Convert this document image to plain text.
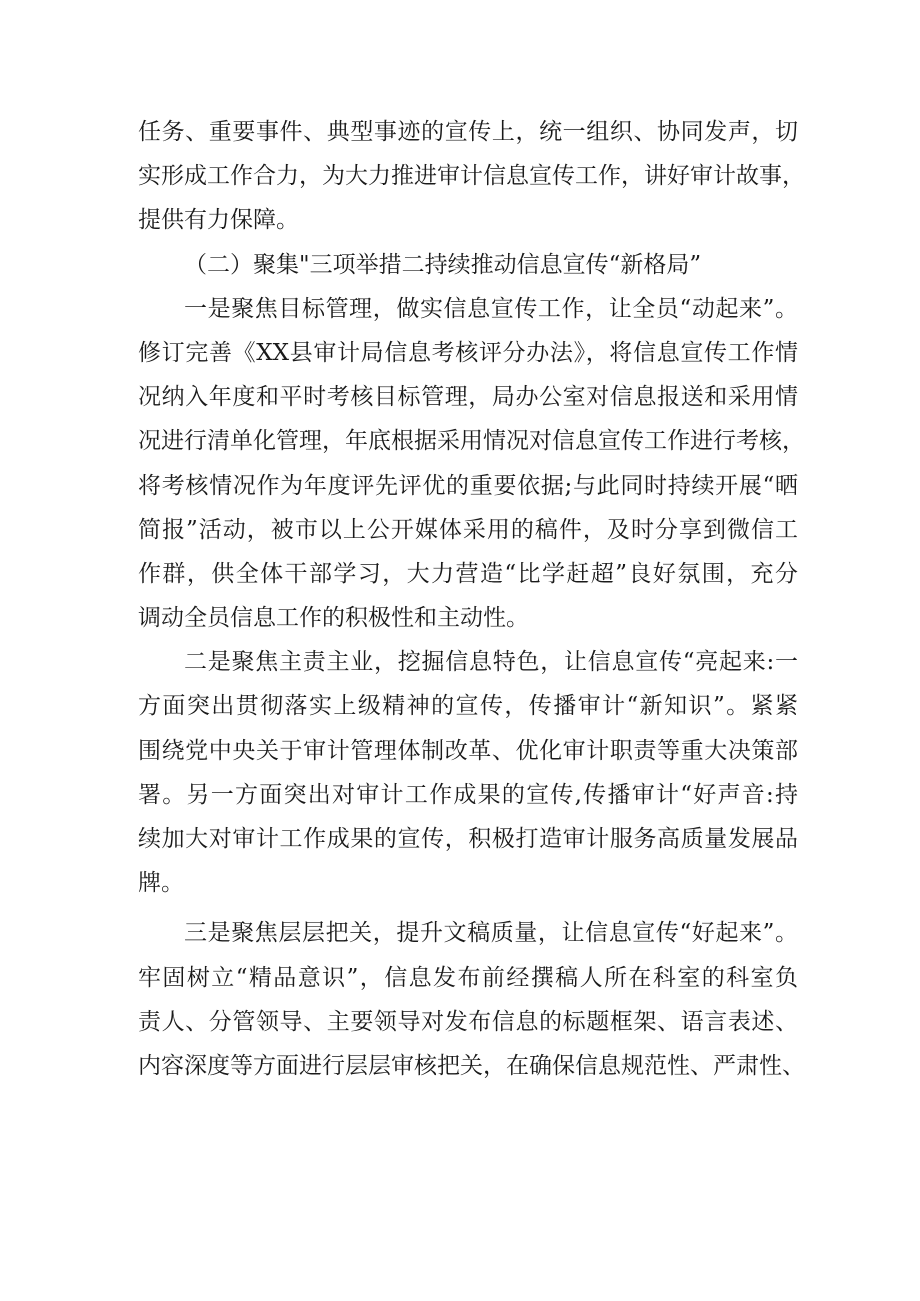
任务、重要事件、典型事迹的宣传上，统一组织、协同发声，切
实形成工作合力，为大力推进审计信息宣传工作，讲好审计故事，
提供有力保障。
（二）聚集"三项举措二持续推动信息宣传“新格局”
一是聚焦目标管理，做实信息宣传工作，让全员“动起来”。
修订完善《XX县审计局信息考核评分办法》，将信息宣传工作情
况纳入年度和平时考核目标管理，局办公室对信息报送和采用情
况进行清单化管理，年底根据采用情况对信息宣传工作进行考核，
将考核情况作为年度评先评优的重要依据;与此同时持续开展“晒
简报”活动，被市以上公开媒体采用的稿件，及时分享到微信工
作群，供全体干部学习，大力营造“比学赶超”良好氛围，充分
调动全员信息工作的积极性和主动性。
二是聚焦主责主业，挖掘信息特色，让信息宣传“亮起来:一
方面突出贯彻落实上级精神的宣传，传播审计“新知识”。紧紧
围绕党中央关于审计管理体制改革、优化审计职责等重大决策部
署。另一方面突出对审计工作成果的宣传,传播审计“好声音:持
续加大对审计工作成果的宣传，积极打造审计服务高质量发展品
牌。
三是聚焦层层把关，提升文稿质量，让信息宣传“好起来”。
牢固树立“精品意识”，信息发布前经撰稿人所在科室的科室负
责人、分管领导、主要领导对发布信息的标题框架、语言表述、
内容深度等方面进行层层审核把关，在确保信息规范性、严肃性、
